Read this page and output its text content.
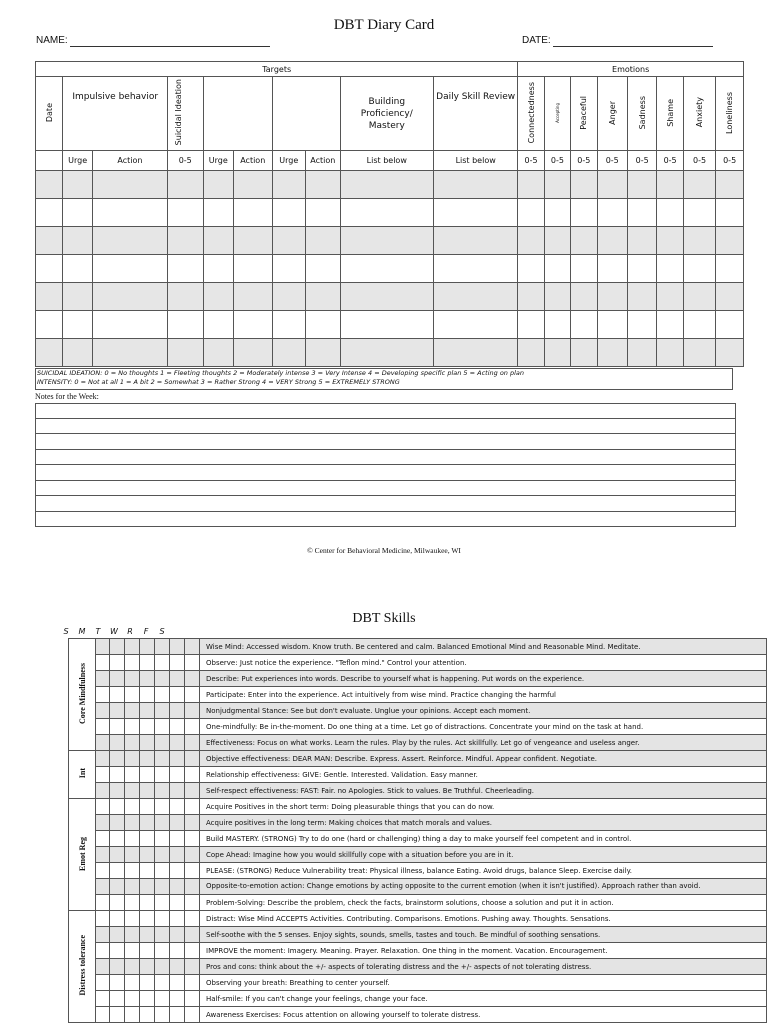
DBT Diary Card
NAME:	DATE:
Targets										Emotions							
Date	Impulsive behavior		Suicidal Ideation					Building Proficiency/ Mastery	Daily Skill Review	Connectedness	Accepting	Peaceful	Anger	Sadness	Shame	Anxiety	Loneliness
	Urge	Action	0-5	Urge	Action	Urge	Action	List below	List below	0-5	0-5	0-5	0-5	0-5	0-5	0-5	0-5

SUICIDAL IDEATION: 0 = No thoughts 1 = Fleeting thoughts 2 = Moderately intense 3 = Very Intense 4 = Developing specific plan 5 = Acting on plan
INTENSITY: 0 = Not at all 1 = A bit 2 = Somewhat 3 = Rather Strong 4 = VERY Strong 5 = EXTREMELY STRONG
Notes for the Week:
© Center for Behavioral Medicine, Milwaukee, WI
DBT Skills
S M T W R F S
Core Mindfulness								Wise Mind: Accessed wisdom. Know truth. Be centered and calm. Balanced Emotional Mind and Reasonable Mind. Meditate.
								Observe: Just notice the experience. "Teflon mind." Control your attention.
								Describe: Put experiences into words. Describe to yourself what is happening. Put words on the experience.
								Participate: Enter into the experience. Act intuitively from wise mind. Practice changing the harmful
								Nonjudgmental Stance: See but don't evaluate. Unglue your opinions. Accept each moment.
								One-mindfully: Be in-the-moment. Do one thing at a time. Let go of distractions. Concentrate your mind on the task at hand.
								Effectiveness: Focus on what works. Learn the rules. Play by the rules. Act skillfully. Let go of vengeance and useless anger.
Int								Objective effectiveness: DEAR MAN: Describe. Express. Assert. Reinforce. Mindful. Appear confident. Negotiate.
								Relationship effectiveness: GIVE: Gentle. Interested. Validation. Easy manner.
								Self-respect effectiveness: FAST: Fair. no Apologies. Stick to values. Be Truthful. Cheerleading.
Emot Reg								Acquire Positives in the short term: Doing pleasurable things that you can do now.
								Acquire positives in the long term: Making choices that match morals and values.
								Build MASTERY. (STRONG) Try to do one (hard or challenging) thing a day to make yourself feel competent and in control.
								Cope Ahead: Imagine how you would skillfully cope with a situation before you are in it.
								PLEASE: (STRONG) Reduce Vulnerability treat: Physical illness, balance Eating. Avoid drugs, balance Sleep. Exercise daily.
								Opposite-to-emotion action: Change emotions by acting opposite to the current emotion (when it isn't justified). Approach rather than avoid.
								Problem-Solving: Describe the problem, check the facts, brainstorm solutions, choose a solution and put it in action.
Distress tolerance								Distract: Wise Mind ACCEPTS Activities. Contributing. Comparisons. Emotions. Pushing away. Thoughts. Sensations.
								Self-soothe with the 5 senses. Enjoy sights, sounds, smells, tastes and touch. Be mindful of soothing sensations.
								IMPROVE the moment: Imagery. Meaning. Prayer. Relaxation. One thing in the moment. Vacation. Encouragement.
								Pros and cons: think about the +/- aspects of tolerating distress and the +/- aspects of not tolerating distress.
								Observing your breath: Breathing to center yourself.
								Half-smile: If you can't change your feelings, change your face.
								Awareness Exercises: Focus attention on allowing yourself to tolerate distress.
